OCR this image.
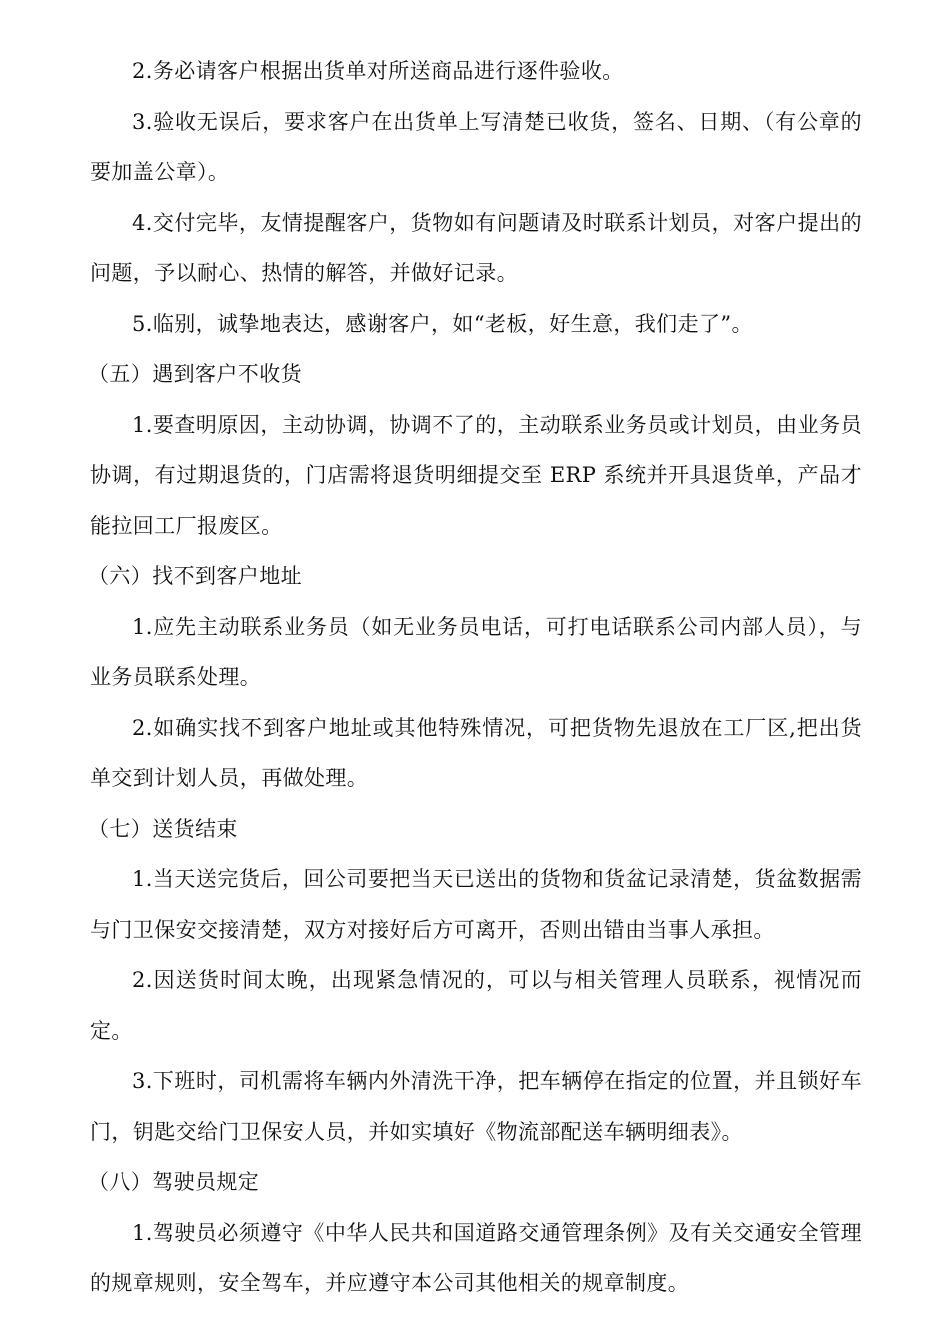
2.务必请客户根据出货单对所送商品进行逐件验收。

3.验收无误后，要求客户在出货单上写清楚已收货，签名、日期、（有公章的要加盖公章）。

4.交付完毕，友情提醒客户，货物如有问题请及时联系计划员，对客户提出的问题，予以耐心、热情的解答，并做好记录。

5.临别，诚挚地表达，感谢客户，如“老板，好生意，我们走了”。

（五）遇到客户不收货

1.要查明原因，主动协调，协调不了的，主动联系业务员或计划员，由业务员协调，有过期退货的，门店需将退货明细提交至 ERP 系统并开具退货单，产品才能拉回工厂报废区。

（六）找不到客户地址

1.应先主动联系业务员（如无业务员电话，可打电话联系公司内部人员），与业务员联系处理。

2.如确实找不到客户地址或其他特殊情况，可把货物先退放在工厂区,把出货单交到计划人员，再做处理。

（七）送货结束

1.当天送完货后，回公司要把当天已送出的货物和货盆记录清楚，货盆数据需与门卫保安交接清楚，双方对接好后方可离开，否则出错由当事人承担。

2.因送货时间太晚，出现紧急情况的，可以与相关管理人员联系，视情况而定。

3.下班时，司机需将车辆内外清洗干净，把车辆停在指定的位置，并且锁好车门，钥匙交给门卫保安人员，并如实填好《物流部配送车辆明细表》。

（八）驾驶员规定

1.驾驶员必须遵守《中华人民共和国道路交通管理条例》及有关交通安全管理的规章规则，安全驾车，并应遵守本公司其他相关的规章制度。
